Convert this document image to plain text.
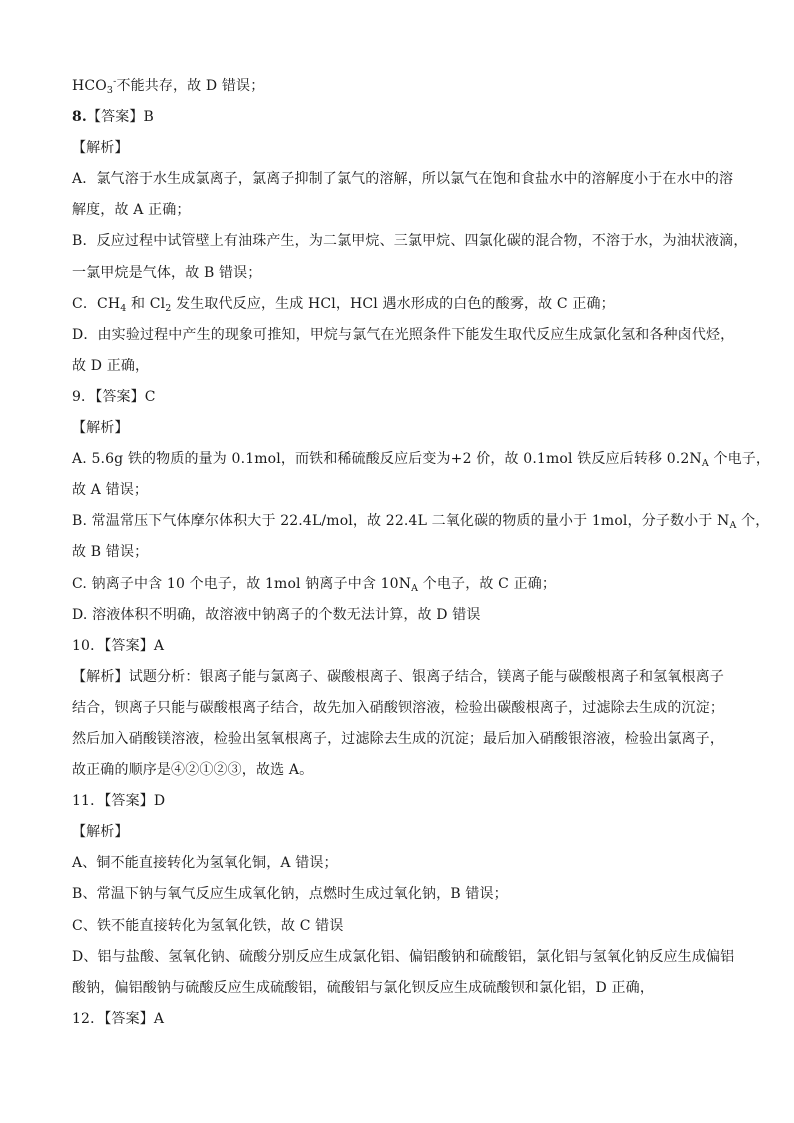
$HCO_3^-$不能共存，故 D 错误；
8.【答案】B
【解析】
A．氯气溶于水生成氯离子，氯离子抑制了氯气的溶解，所以氯气在饱和食盐水中的溶解度小于在水中的溶
解度，故 A 正确；
B．反应过程中试管壁上有油珠产生，为二氯甲烷、三氯甲烷、四氯化碳的混合物，不溶于水，为油状液滴，
一氯甲烷是气体，故 B 错误；
C．$CH_4$ 和 $Cl_2$ 发生取代反应，生成 HCl，HCl 遇水形成的白色的酸雾，故 C 正确；
D．由实验过程中产生的现象可推知，甲烷与氯气在光照条件下能发生取代反应生成氯化氢和各种卤代烃，
故 D 正确，
9．【答案】C
【解析】
A. 5.6g 铁的物质的量为 0.1mol，而铁和稀硫酸反应后变为+2 价，故 0.1mol 铁反应后转移 $0.2N_A$ 个电子，
故 A 错误；
B. 常温常压下气体摩尔体积大于 22.4L/mol，故 22.4L 二氧化碳的物质的量小于 1mol，分子数小于 $N_A$ 个，
故 B 错误；
C. 钠离子中含 10 个电子，故 1mol 钠离子中含 $10N_A$ 个电子，故 C 正确；
D. 溶液体积不明确，故溶液中钠离子的个数无法计算，故 D 错误
10．【答案】A
【解析】试题分析：银离子能与氯离子、碳酸根离子、银离子结合，镁离子能与碳酸根离子和氢氧根离子
结合，钡离子只能与碳酸根离子结合，故先加入硝酸钡溶液，检验出碳酸根离子，过滤除去生成的沉淀；
然后加入硝酸镁溶液，检验出氢氧根离子，过滤除去生成的沉淀；最后加入硝酸银溶液，检验出氯离子，
故正确的顺序是④②①②③，故选 A。
11．【答案】D
【解析】
A、铜不能直接转化为氢氧化铜，A 错误；
B、常温下钠与氧气反应生成氧化钠，点燃时生成过氧化钠，B 错误；
C、铁不能直接转化为氢氧化铁，故 C 错误
D、铝与盐酸、氢氧化钠、硫酸分别反应生成氯化铝、偏铝酸钠和硫酸铝，氯化铝与氢氧化钠反应生成偏铝
酸钠，偏铝酸钠与硫酸反应生成硫酸铝，硫酸铝与氯化钡反应生成硫酸钡和氯化铝，D 正确，
12．【答案】A
